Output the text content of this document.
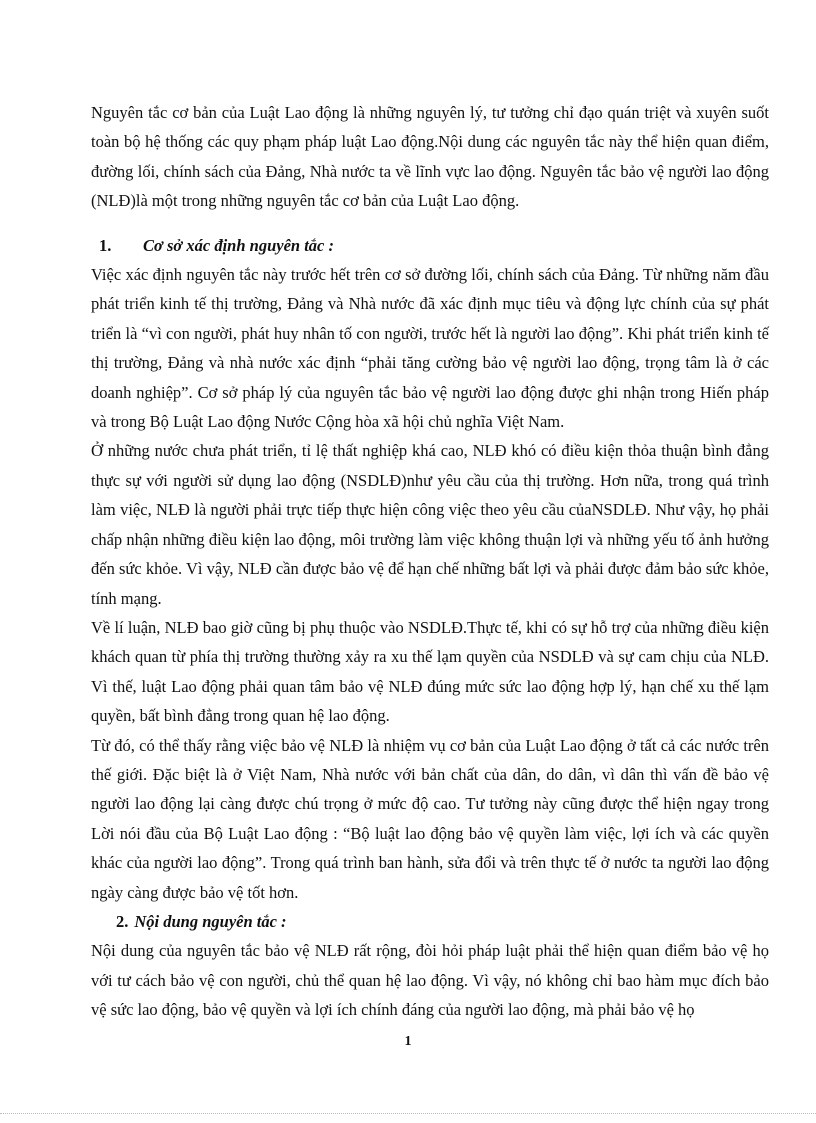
Nguyên tắc cơ bản của Luật Lao động là những nguyên lý, tư tưởng chỉ đạo quán triệt và xuyên suốt toàn bộ hệ thống các quy phạm pháp luật Lao động.Nội dung các nguyên tắc này thể hiện quan điểm, đường lối, chính sách của Đảng, Nhà nước ta về lĩnh vực lao động. Nguyên tắc bảo vệ người lao động (NLĐ)là một trong những nguyên tắc cơ bản của Luật Lao động.

1. Cơ sở xác định nguyên tắc :

Việc xác định nguyên tắc này trước hết trên cơ sở đường lối, chính sách của Đảng. Từ những năm đầu phát triển kinh tế thị trường, Đảng và Nhà nước đã xác định mục tiêu và động lực chính của sự phát triển là “vì con người, phát huy nhân tố con người, trước hết là người lao động”. Khi phát triển kinh tế thị trường, Đảng và nhà nước xác định “phải tăng cường bảo vệ người lao động, trọng tâm là ở các doanh nghiệp”. Cơ sở pháp lý của nguyên tắc bảo vệ người lao động được ghi nhận trong Hiến pháp và trong Bộ Luật Lao động Nước Cộng hòa xã hội chủ nghĩa Việt Nam.

Ở những nước chưa phát triển, tỉ lệ thất nghiệp khá cao, NLĐ khó có điều kiện thỏa thuận bình đẳng thực sự với người sử dụng lao động (NSDLĐ)như yêu cầu của thị trường. Hơn nữa, trong quá trình làm việc, NLĐ là người phải trực tiếp thực hiện công việc theo yêu cầu củaNSDLĐ. Như vậy, họ phải chấp nhận những điều kiện lao động, môi trường làm việc không thuận lợi và những yếu tố ảnh hưởng đến sức khỏe. Vì vậy, NLĐ cần được bảo vệ để hạn chế những bất lợi và phải được đảm bảo sức khỏe, tính mạng.

Về lí luận, NLĐ bao giờ cũng bị phụ thuộc vào NSDLĐ.Thực tế, khi có sự hỗ trợ của những điều kiện khách quan từ phía thị trường thường xảy ra xu thế lạm quyền của NSDLĐ và sự cam chịu của NLĐ. Vì thế, luật Lao động phải quan tâm bảo vệ NLĐ đúng mức sức lao động hợp lý, hạn chế xu thế lạm quyền, bất bình đẳng trong quan hệ lao động.

Từ đó, có thể thấy rằng việc bảo vệ NLĐ là nhiệm vụ cơ bản của Luật Lao động ở tất cả các nước trên thế giới. Đặc biệt là ở Việt Nam, Nhà nước với bản chất của dân, do dân, vì dân thì vấn đề bảo vệ người lao động lại càng được chú trọng ở mức độ cao. Tư tưởng này cũng được thể hiện ngay trong Lời nói đầu của Bộ Luật Lao động : “Bộ luật lao động bảo vệ quyền làm việc, lợi ích và các quyền khác của người lao động”. Trong quá trình ban hành, sửa đổi và trên thực tế ở nước ta người lao động ngày càng được bảo vệ tốt hơn.

2. Nội dung nguyên tắc :

Nội dung của nguyên tắc bảo vệ NLĐ rất rộng, đòi hỏi pháp luật phải thể hiện quan điểm bảo vệ họ với tư cách bảo vệ con người, chủ thể quan hệ lao động. Vì vậy, nó không chỉ bao hàm mục đích bảo vệ sức lao động, bảo vệ quyền và lợi ích chính đáng của người lao động, mà phải bảo vệ họ

1
